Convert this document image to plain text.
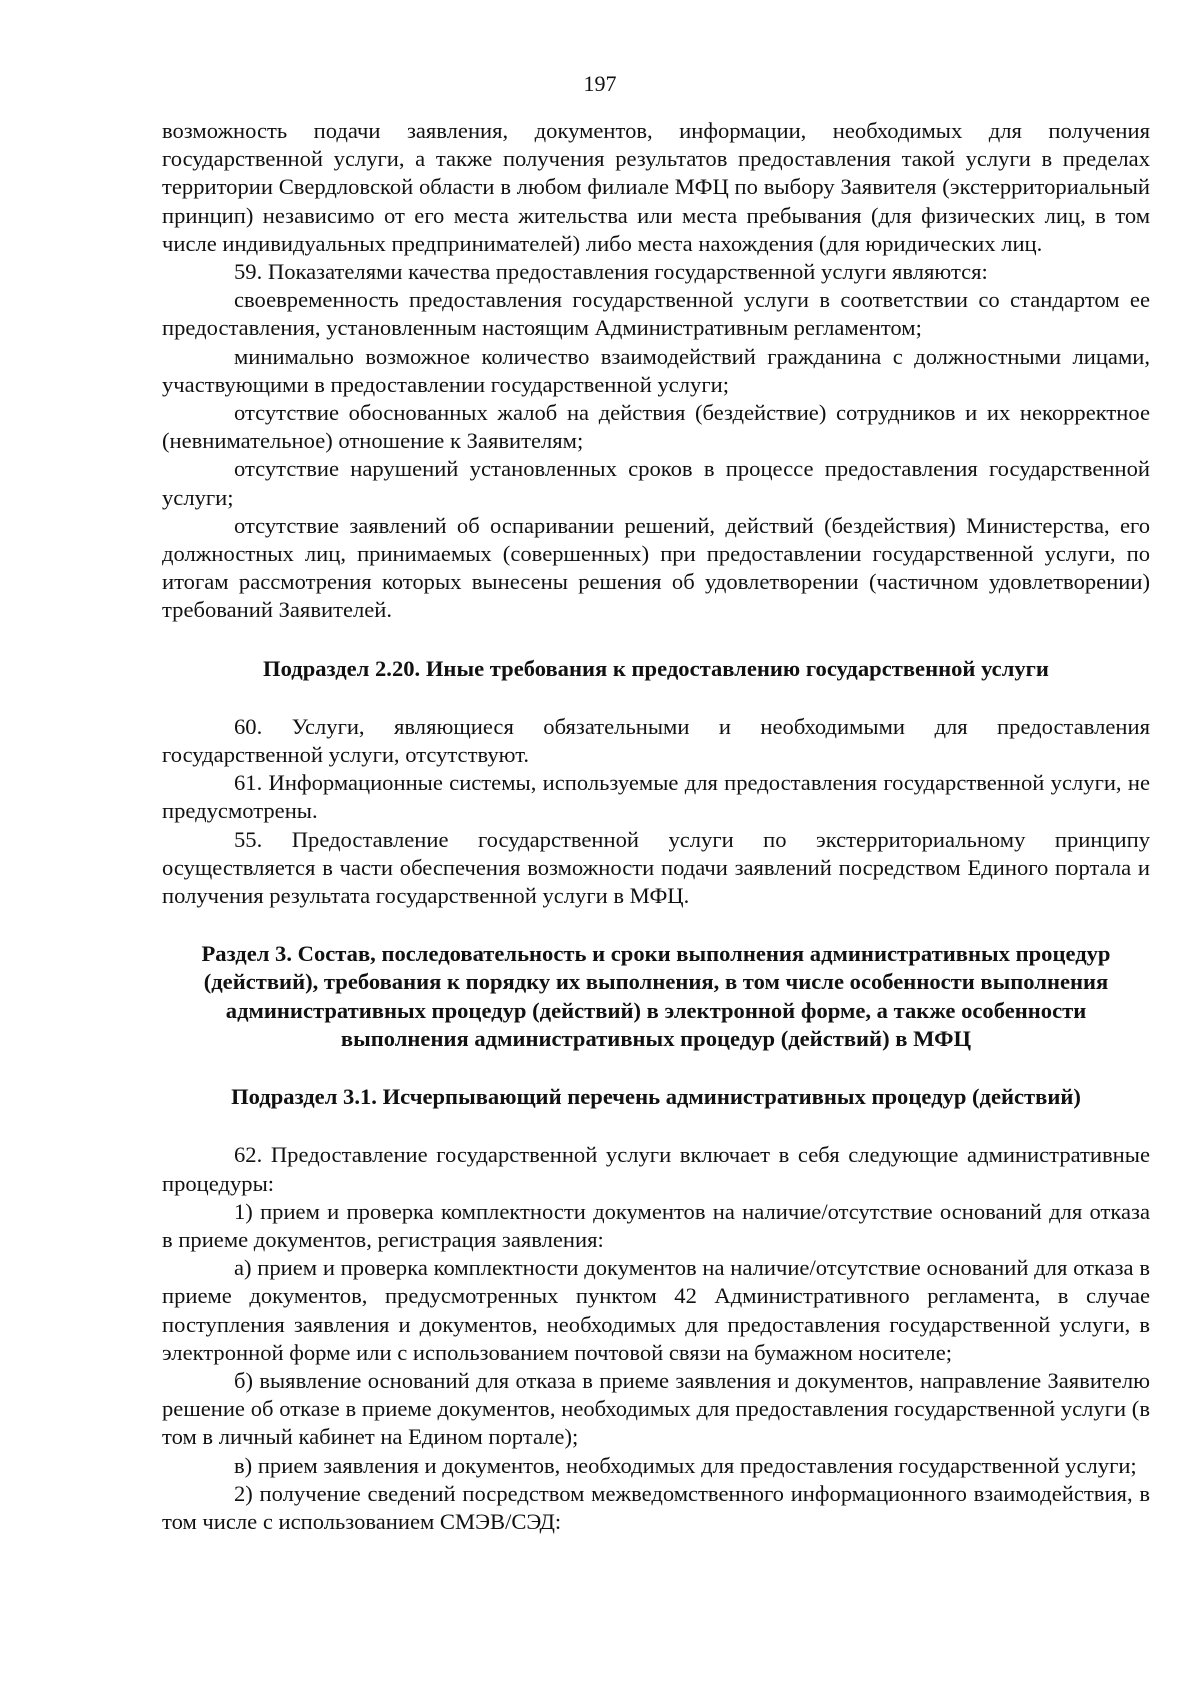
197

возможность подачи заявления, документов, информации, необходимых для получения государственной услуги, а также получения результатов предоставления такой услуги в пределах территории Свердловской области в любом филиале МФЦ по выбору Заявителя (экстерриториальный принцип) независимо от его места жительства или места пребывания (для физических лиц, в том числе индивидуальных предпринимателей) либо места нахождения (для юридических лиц.

59. Показателями качества предоставления государственной услуги являются:

своевременность предоставления государственной услуги в соответствии со стандартом ее предоставления, установленным настоящим Административным регламентом;

минимально возможное количество взаимодействий гражданина с должностными лицами, участвующими в предоставлении государственной услуги;

отсутствие обоснованных жалоб на действия (бездействие) сотрудников и их некорректное (невнимательное) отношение к Заявителям;

отсутствие нарушений установленных сроков в процессе предоставления государственной услуги;

отсутствие заявлений об оспаривании решений, действий (бездействия) Министерства, его должностных лиц, принимаемых (совершенных) при предоставлении государственной услуги, по итогам рассмотрения которых вынесены решения об удовлетворении (частичном удовлетворении) требований Заявителей.

Подраздел 2.20. Иные требования к предоставлению государственной услуги

60. Услуги, являющиеся обязательными и необходимыми для предоставления государственной услуги, отсутствуют.

61. Информационные системы, используемые для предоставления государственной услуги, не предусмотрены.

55. Предоставление государственной услуги по экстерриториальному принципу осуществляется в части обеспечения возможности подачи заявлений посредством Единого портала и получения результата государственной услуги в МФЦ.

Раздел 3. Состав, последовательность и сроки выполнения административных процедур (действий), требования к порядку их выполнения, в том числе особенности выполнения административных процедур (действий) в электронной форме, а также особенности выполнения административных процедур (действий) в МФЦ

Подраздел 3.1. Исчерпывающий перечень административных процедур (действий)

62. Предоставление государственной услуги включает в себя следующие административные процедуры:

1) прием и проверка комплектности документов на наличие/отсутствие оснований для отказа в приеме документов, регистрация заявления:

а) прием и проверка комплектности документов на наличие/отсутствие оснований для отказа в приеме документов, предусмотренных пунктом 42 Административного регламента, в случае поступления заявления и документов, необходимых для предоставления государственной услуги, в электронной форме или с использованием почтовой связи на бумажном носителе;

б) выявление оснований для отказа в приеме заявления и документов, направление Заявителю решение об отказе в приеме документов, необходимых для предоставления государственной услуги (в том в личный кабинет на Едином портале);

в) прием заявления и документов, необходимых для предоставления государственной услуги;

2) получение сведений посредством межведомственного информационного взаимодействия, в том числе с использованием СМЭВ/СЭД:
